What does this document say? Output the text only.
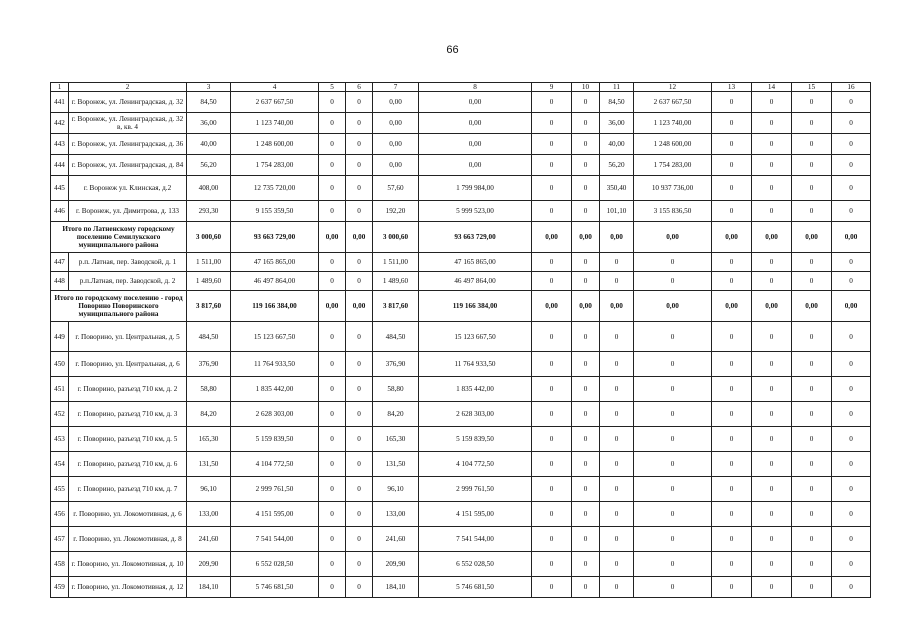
66
1	2	3	4	5	6	7	8	9	10	11	12	13	14	15	16
441	г. Воронеж, ул. Ленинградская, д. 32	84,50	2 637 667,50	0	0	0,00	0,00	0	0	84,50	2 637 667,50	0	0	0	0
442	г. Воронеж, ул. Ленинградская, д. 32 в, кв. 4	36,00	1 123 740,00	0	0	0,00	0,00	0	0	36,00	1 123 740,00	0	0	0	0
443	г. Воронеж, ул. Ленинградская, д. 36	40,00	1 248 600,00	0	0	0,00	0,00	0	0	40,00	1 248 600,00	0	0	0	0
444	г. Воронеж, ул. Ленинградская, д. 84	56,20	1 754 283,00	0	0	0,00	0,00	0	0	56,20	1 754 283,00	0	0	0	0
445	г. Воронеж ул. Клинская, д.2	408,00	12 735 720,00	0	0	57,60	1 799 984,00	0	0	350,40	10 937 736,00	0	0	0	0
446	г. Воронеж, ул. Димитрова, д. 133	293,30	9 155 359,50	0	0	192,20	5 999 523,00	0	0	101,10	3 155 836,50	0	0	0	0
Итого по Латненскому городскому поселению Семилукского муниципального района		3 000,60	93 663 729,00	0,00	0,00	3 000,60	93 663 729,00	0,00	0,00	0,00	0,00	0,00	0,00	0,00	0,00
447	р.п. Латная, пер. Заводской, д. 1	1 511,00	47 165 865,00	0	0	1 511,00	47 165 865,00	0	0	0	0	0	0	0	0
448	р.п.Латная, пер. Заводской, д. 2	1 489,60	46 497 864,00	0	0	1 489,60	46 497 864,00	0	0	0	0	0	0	0	0
Итого по городскому поселению - город Поворино Поворинского муниципального района		3 817,60	119 166 384,00	0,00	0,00	3 817,60	119 166 384,00	0,00	0,00	0,00	0,00	0,00	0,00	0,00	0,00
449	г. Поворино, ул. Центральная, д. 5	484,50	15 123 667,50	0	0	484,50	15 123 667,50	0	0	0	0	0	0	0	0
450	г. Поворино, ул. Центральная, д. 6	376,90	11 764 933,50	0	0	376,90	11 764 933,50	0	0	0	0	0	0	0	0
451	г. Поворино, разъезд 710 км, д. 2	58,80	1 835 442,00	0	0	58,80	1 835 442,00	0	0	0	0	0	0	0	0
452	г. Поворино, разъезд 710 км, д. 3	84,20	2 628 303,00	0	0	84,20	2 628 303,00	0	0	0	0	0	0	0	0
453	г. Поворино, разъезд 710 км, д. 5	165,30	5 159 839,50	0	0	165,30	5 159 839,50	0	0	0	0	0	0	0	0
454	г. Поворино, разъезд 710 км, д. 6	131,50	4 104 772,50	0	0	131,50	4 104 772,50	0	0	0	0	0	0	0	0
455	г. Поворино, разъезд 710 км, д. 7	96,10	2 999 761,50	0	0	96,10	2 999 761,50	0	0	0	0	0	0	0	0
456	г. Поворино, ул. Локомотивная, д. 6	133,00	4 151 595,00	0	0	133,00	4 151 595,00	0	0	0	0	0	0	0	0
457	г. Поворино, ул. Локомотивная, д. 8	241,60	7 541 544,00	0	0	241,60	7 541 544,00	0	0	0	0	0	0	0	0
458	г. Поворино, ул. Локомотивная, д. 10	209,90	6 552 028,50	0	0	209,90	6 552 028,50	0	0	0	0	0	0	0	0
459	г. Поворино, ул. Локомотивная, д. 12	184,10	5 746 681,50	0	0	184,10	5 746 681,50	0	0	0	0	0	0	0	0
